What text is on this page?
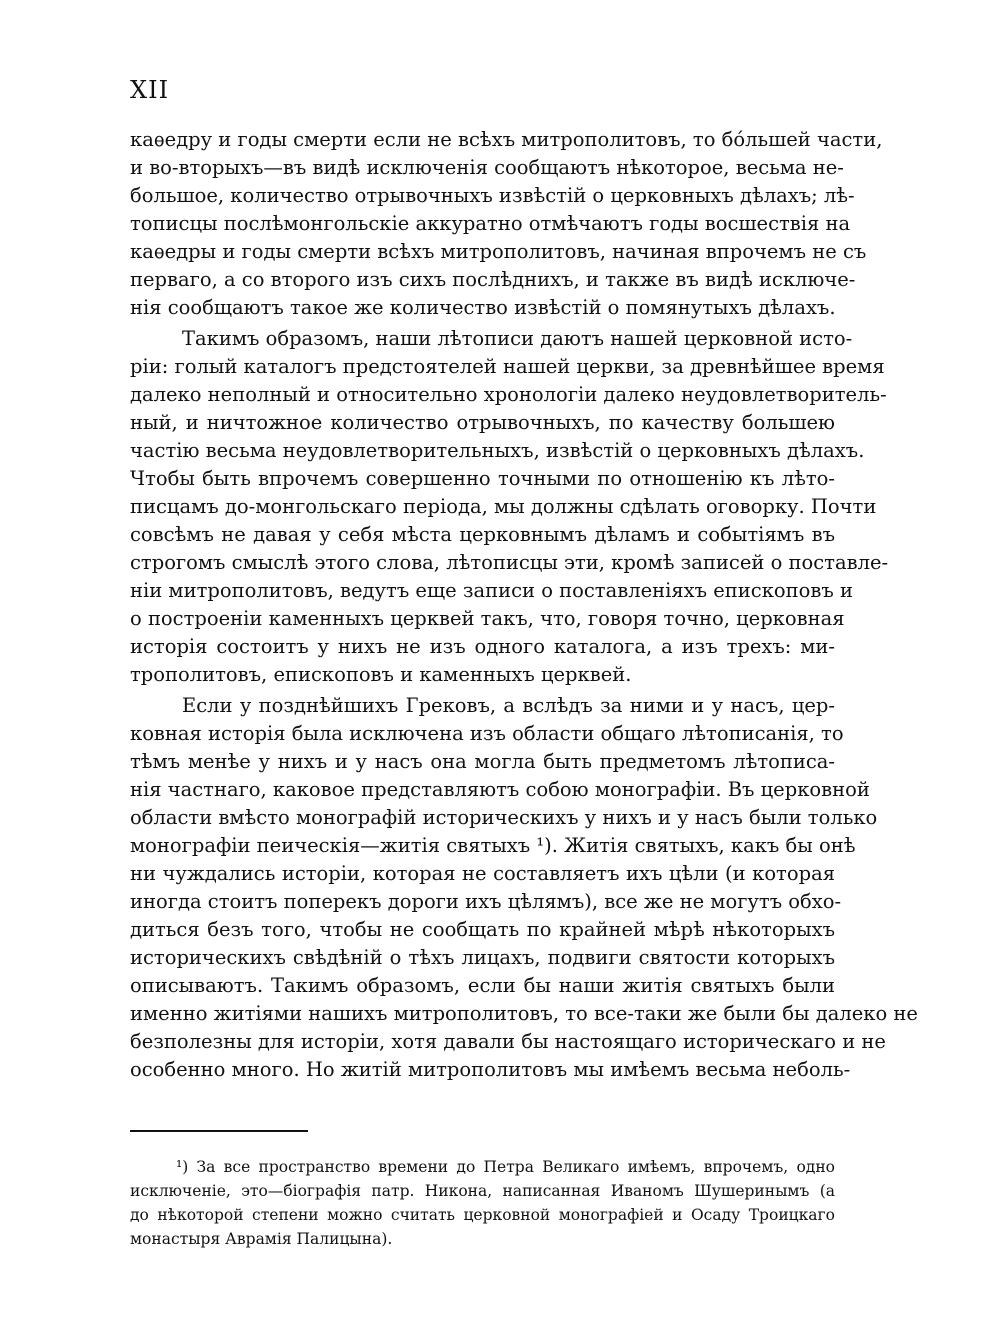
XII
каѳедру и годы смерти если не всѣхъ митрополитовъ, то бо́льшей части,
и во-вторыхъ—въ видѣ исключенія сообщаютъ нѣкоторое, весьма не-
большое, количество отрывочныхъ извѣстій о церковныхъ дѣлахъ; лѣ-
тописцы послѣмонгольскіе аккуратно отмѣчаютъ годы восшествія на
каѳедры и годы смерти всѣхъ митрополитовъ, начиная впрочемъ не съ
перваго, а со второго изъ сихъ послѣднихъ, и также въ видѣ исключе-
нія сообщаютъ такое же количество извѣстій о помянутыхъ дѣлахъ.
Такимъ образомъ, наши лѣтописи даютъ нашей церковной исто-
ріи: голый каталогъ предстоятелей нашей церкви, за древнѣйшее время
далеко неполный и относительно хронологіи далеко неудовлетворитель-
ный, и ничтожное количество отрывочныхъ, по качеству большею
частію весьма неудовлетворительныхъ, извѣстій о церковныхъ дѣлахъ.
Чтобы быть впрочемъ совершенно точными по отношенію къ лѣто-
писцамъ до-монгольскаго періода, мы должны сдѣлать оговорку. Почти
совсѣмъ не давая у себя мѣста церковнымъ дѣламъ и событіямъ въ
строгомъ смыслѣ этого слова, лѣтописцы эти, кромѣ записей о поставле-
ніи митрополитовъ, ведутъ еще записи о поставленіяхъ епископовъ и
о построеніи каменныхъ церквей такъ, что, говоря точно, церковная
исторія состоитъ у нихъ не изъ одного каталога, а изъ трехъ: ми-
трополитовъ, епископовъ и каменныхъ церквей.
Если у позднѣйшихъ Грековъ, а вслѣдъ за ними и у насъ, цер-
ковная исторія была исключена изъ области общаго лѣтописанія, то
тѣмъ менѣе у нихъ и у насъ она могла быть предметомъ лѣтописа-
нія частнаго, каковое представляютъ собою монографіи. Въ церковной
области вмѣсто монографій историческихъ у нихъ и у насъ были только
монографіи пеическія—житія святыхъ ¹). Житія святыхъ, какъ бы онѣ
ни чуждались исторіи, которая не составляетъ ихъ цѣли (и которая
иногда стоитъ поперекъ дороги ихъ цѣлямъ), все же не могутъ обхо-
диться безъ того, чтобы не сообщать по крайней мѣрѣ нѣкоторыхъ
историческихъ свѣдѣній о тѣхъ лицахъ, подвиги святости которыхъ
описываютъ. Такимъ образомъ, если бы наши житія святыхъ были
именно житіями нашихъ митрополитовъ, то все-таки же были бы далеко не
безполезны для исторіи, хотя давали бы настоящаго историческаго и не
особенно много. Но житій митрополитовъ мы имѣемъ весьма неболь-
¹) За все пространство времени до Петра Великаго имѣемъ, впрочемъ, одно
исключеніе, это—біографія патр. Никона, написанная Иваномъ Шушеринымъ (а
до нѣкоторой степени можно считать церковной монографіей и Осаду Троицкаго
монастыря Аврамія Палицына).
